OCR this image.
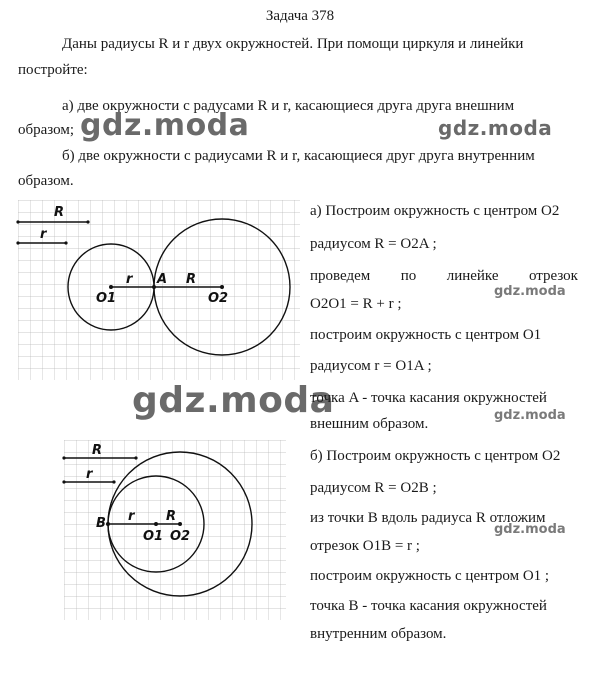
Задача 378
Даны радиусы R и r двух окружностей. При помощи циркуля и линейки
постройте:
а) две окружности с радусами R и r, касающиеся друга друга внешним
образом;
б) две окружности с радиусами R и r, касающиеся друг друга внутренним
образом.
gdz.moda	gdz.moda
gdz.moda
gdz.moda
gdz.moda
gdz.moda
R
r
r A R
O1	O2
R
r
B r R
O1 O2
а) Построим окружность с центром O2
радиусом R = O2A ;
проведем по линейке отрезок
O2O1 = R + r ;
построим окружность с центром O1
радиусом r = O1A ;
точка A - точка касания окружностей
внешним образом.
б) Построим окружность с центром O2
радиусом R = O2B ;
из точки B вдоль радиуса R отложим
отрезок O1B = r ;
построим окружность с центром O1 ;
точка B - точка касания окружностей
внутренним образом.
